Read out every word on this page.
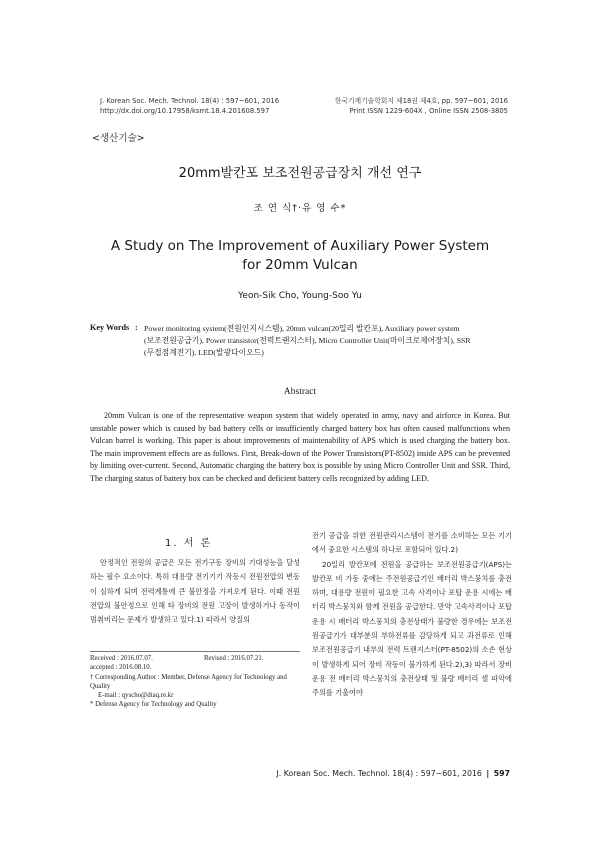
J. Korean Soc. Mech. Technol. 18(4) : 597~601, 2016
http://dx.doi.org/10.17958/ksmt.18.4.201608.597
한국기계기술학회지 제18권 제4호, pp. 597~601, 2016
Print ISSN 1229-604X , Online ISSN 2508-3805
<생산기술>
20mm발칸포 보조전원공급장치 개선 연구
조 연 식†·유 영 수*
A Study on The Improvement of Auxiliary Power System
for 20mm Vulcan
Yeon-Sik Cho, Young-Soo Yu
Key Words : Power monitoring system(전원인지시스템), 20mm vulcan(20밀리 발칸포), Auxiliary power system
(보조전원공급기), Power transistor(전력트랜지스터), Micro Controller Unit(마이크로제어장치), SSR
(무접점계전기), LED(발광다이오드)
Abstract

20mm Vulcan is one of the representative weapon system that widely operated in army, navy and airforce in Korea. But unstable power which is caused by bad battery cells or insufficiently charged battery box has often caused malfunctions when Vulcan barrel is working. This paper is about improvements of maintenability of APS which is used charging the battery box. The main improvement effects are as follows. First, Break-down of the Power Transistors(PT-8502) inside APS can be prevented by limiting over-current. Second, Automatic charging the battery box is possible by using Micro Controller Unit and SSR. Third, The charging status of battery box can be checked and deficient battery cells recognized by adding LED.

1. 서 론

안정적인 전원의 공급은 모든 전기구동 장비의 기대성능을 달성하는 필수 요소이다. 특히 대용량 전기기기 작동시 전원전압의 변동이 심하게 되며 전력계통에 큰 불안정을 가져오게 된다. 이때 전원전압의 불안정으로 인해 타 장비의 전원 고장이 발생하거나 동작이 멈춰버리는 문제가 발생하고 있다.1) 따라서 양질의

Received : 2016.07.07.	Revised : 2016.07.21.
accepted : 2016.08.10.
† Corresponding Author : Member, Defense Agency for Technology and Quality
E-mail : qyscho@dtaq.re.kr
* Defense Agency for Technology and Quality

전기 공급을 위한 전원관리시스템이 전기를 소비하는 모든 기기에서 중요한 시스템의 하나로 포함되어 있다.2)

20밀리 발칸포에 전원을 공급하는 보조전원공급기(APS)는 발칸포 비 가동 중에는 주전원공급기인 배터리 박스뭉치를 충전하며, 대용량 전원이 필요한 고속 사격이나 포탑 운용 시에는 배터리 박스뭉치와 함께 전원을 공급한다. 만약 고속사격이나 포탑 운용 시 배터리 박스뭉치의 충전상태가 불량한 경우에는 보조전원공급기가 대부분의 부하전류를 감당하게 되고 과전류로 인해 보조전원공급기 내부의 전력 트랜지스터(PT-8502)의 소손 현상이 발생하게 되어 장비 작동이 불가하게 된다.2),3) 따라서 장비 운용 전 배터리 박스뭉치의 충전상태 및 불량 배터리 셀 파악에 주의를 기울여야

J. Korean Soc. Mech. Technol. 18(4) : 597~601, 2016 | 597
